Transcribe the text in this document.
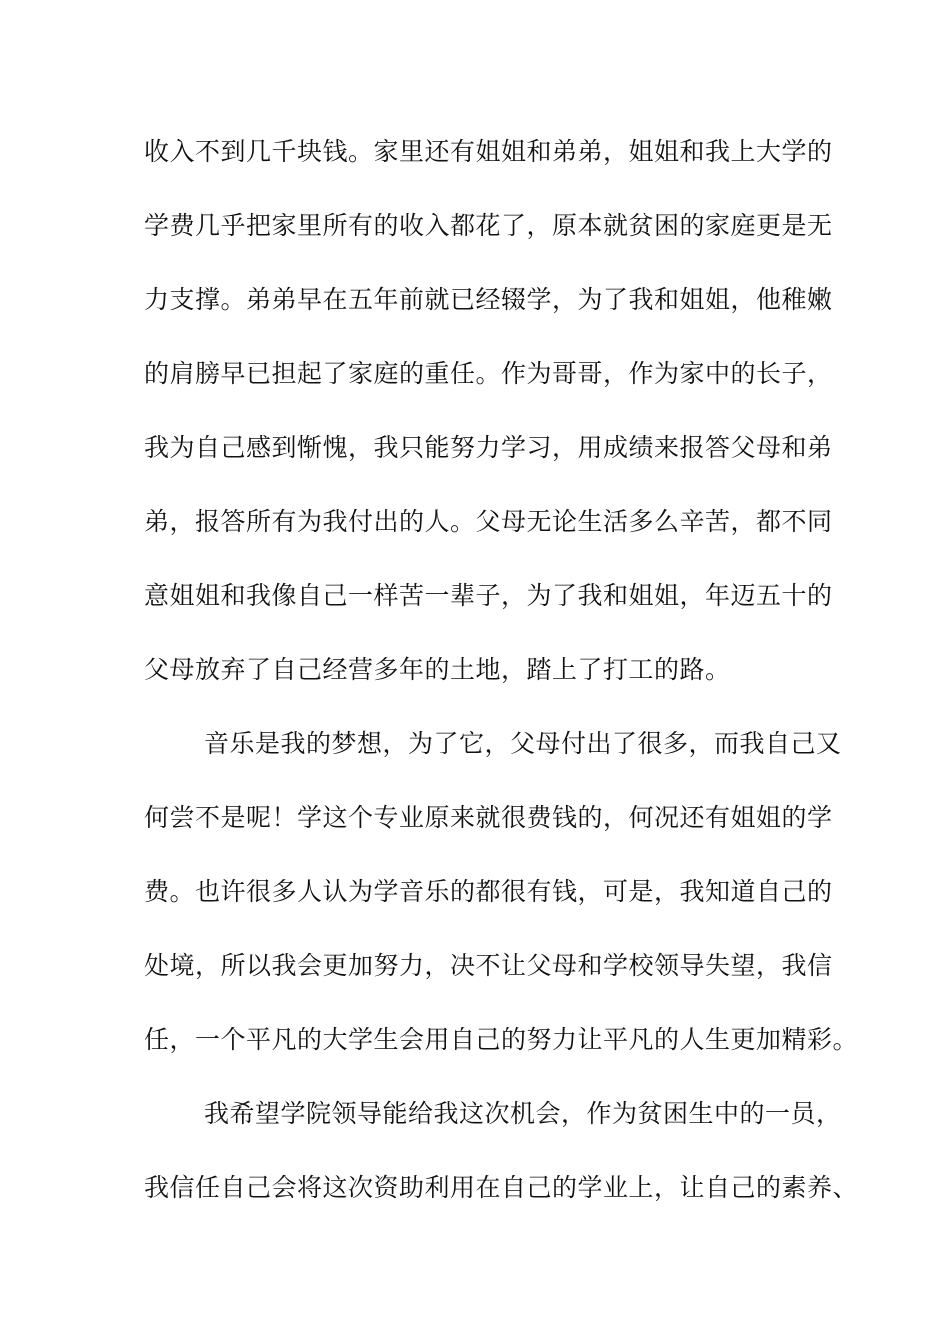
收入不到几千块钱。家里还有姐姐和弟弟，姐姐和我上大学的
学费几乎把家里所有的收入都花了，原本就贫困的家庭更是无
力支撑。弟弟早在五年前就已经辍学，为了我和姐姐，他稚嫩
的肩膀早已担起了家庭的重任。作为哥哥，作为家中的长子，
我为自己感到惭愧，我只能努力学习，用成绩来报答父母和弟
弟，报答所有为我付出的人。父母无论生活多么辛苦，都不同
意姐姐和我像自己一样苦一辈子，为了我和姐姐，年迈五十的
父母放弃了自己经营多年的土地，踏上了打工的路。
音乐是我的梦想，为了它，父母付出了很多，而我自己又
何尝不是呢！学这个专业原来就很费钱的，何况还有姐姐的学
费。也许很多人认为学音乐的都很有钱，可是，我知道自己的
处境，所以我会更加努力，决不让父母和学校领导失望，我信
任，一个平凡的大学生会用自己的努力让平凡的人生更加精彩。
我希望学院领导能给我这次机会，作为贫困生中的一员，
我信任自己会将这次资助利用在自己的学业上，让自己的素养、
